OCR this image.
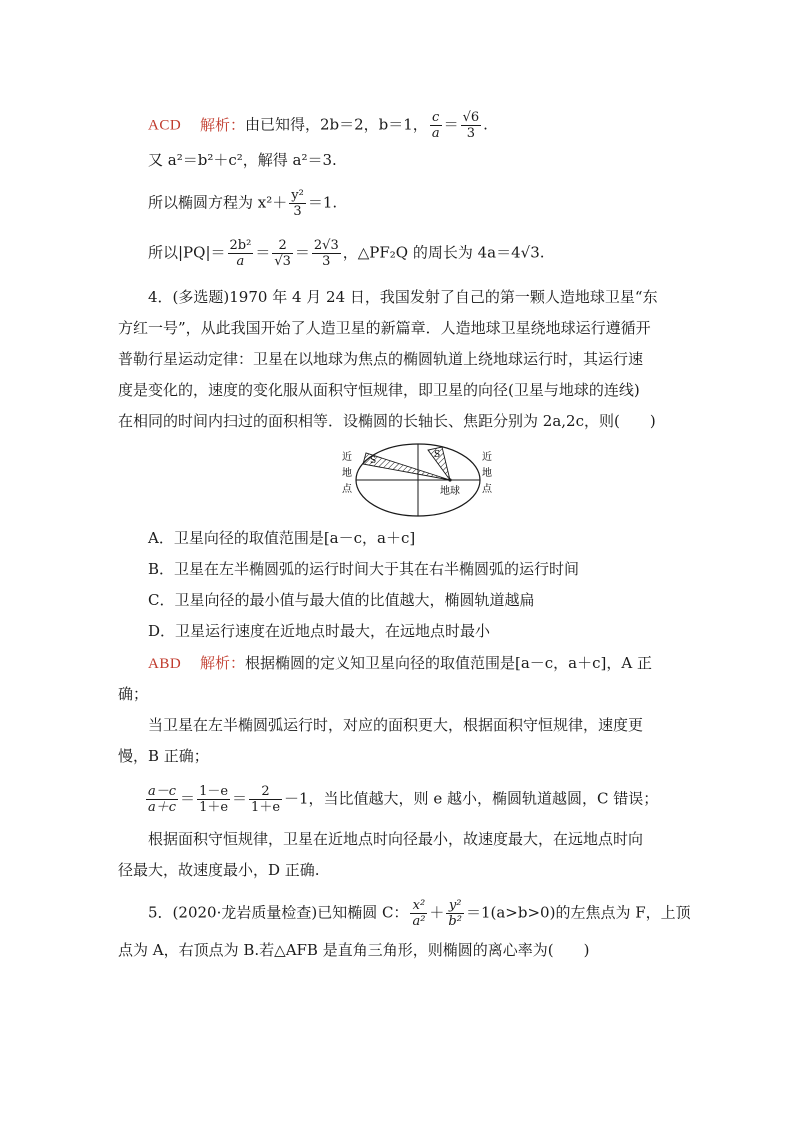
ACD 解析：由已知得，2b＝2，b＝1， $\frac{c}{a} = \frac{√6}{3}$ .
又 a²＝b²＋c²，解得 a²＝3.
所以椭圆方程为 $x^2+ \frac{\text{y²}}{3} =1$.
所以$|PQ|= \frac{\text{2b²}}{a} = \frac{2}{√3} = \frac{2√3}{3}$ ，△PF₂Q 的周长为 4a＝4√3.
4．(多选题)1970 年 4 月 24 日，我国发射了自己的第一颗人造地球卫星“东
方红一号”，从此我国开始了人造卫星的新篇章．人造地球卫星绕地球运行遵循开
普勒行星运动定律：卫星在以地球为焦点的椭圆轨道上绕地球运行时，其运行速
度是变化的，速度的变化服从面积守恒规律，即卫星的向径(卫星与地球的连线)
在相同的时间内扫过的面积相等．设椭圆的长轴长、焦距分别为 2a,2c，则(　　)
S
S
地球
近
地
点
近
地
点
A．卫星向径的取值范围是[a－c，a＋c]
B．卫星在左半椭圆弧的运行时间大于其在右半椭圆弧的运行时间
C．卫星向径的最小值与最大值的比值越大，椭圆轨道越扁
D．卫星运行速度在近地点时最大，在远地点时最小
ABD 解析：根据椭圆的定义知卫星向径的取值范围是[a－c，a＋c]，A 正
确；
当卫星在左半椭圆弧运行时，对应的面积更大，根据面积守恒规律，速度更
慢，B 正确；
$\frac{a-c}{a+c} = \frac{1-e}{1+e} = \frac{2}{1+e} -1$，当比值越大，则 e 越小，椭圆轨道越圆，C 错误；
根据面积守恒规律，卫星在近地点时向径最小，故速度最大，在远地点时向
径最大，故速度最小，D 正确.
5．(2020·龙岩质量检查)已知椭圆 C： $\frac{\text{x²}}{\text{a²}} + \frac{\text{y²}}{\text{b²}} =1(a>b>0)$的左焦点为 F，上顶
点为 A，右顶点为 B.若△AFB 是直角三角形，则椭圆的离心率为(　　)
